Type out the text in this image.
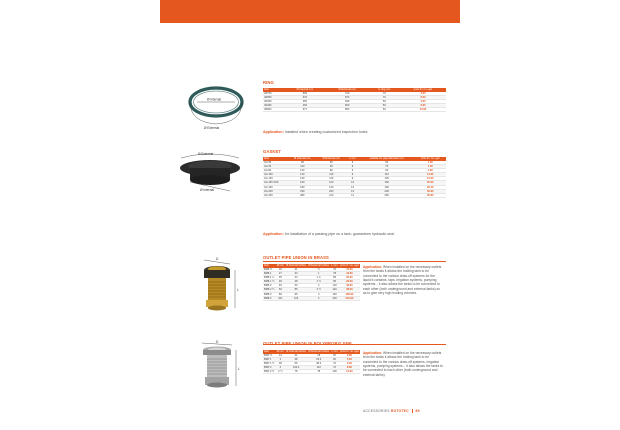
Ø Internal
Ø External
RING
Item	Ø Internal mm	Ø External mm	H ring mm	price € / no.+gst
JR750	500	720	70	4.65
JR950	670	870	70	6.60
JR450	350	490	50	4.35
JR460	460	600	50	6.95
JR800	677	860	50	10.90
Application: Installed when creating customized inspection holes.
Ø External
Ø Internal
GASKET
Item	Ø Internal mm	Ø External mm	L mm	suitable for pipe diameter mm	price € / no.+gst
GA 50	38	56	9	50	1.30
GA 63	110	60	9	75	1.30
GA 80	120	80	9	90	1.90
GA 100	143	110	9	110	14.90
GA 125	130	110	9	125	14.90
GA 150 3/16	160	120	13	160	25.90
GA 160	180	140	13	160	26.40
GA 200	230	200	13	200	32.90
GA 250	280	210	13	250	35.80
Application: for installation of a passing pipe on a tank; guarantees hydraulic seal.
D
L
OUTLET PIPE UNION IN BRASS
Item	Ø mm	Ø Internal inches	Ø External inches	L mm	price € / no.+gst
BRB ½	18	21	½	70	15.90
BRB 1	27	33	1	78	19.80
BRB 1 ¼	35	42	1 ¼	85	20.90
BRB 1 ½	39	48	1 ½	95	26.90
BRB 2	49	60	2	120	46.90
BRB 2 ½	69	85	2 ½	140	68.90
BRB 3	80	95	3	160	138.90
BRB 4	101	115	4	220	219.90
Application: When installed on the necessary outlets from the tanks it allows the holding tank to be connected to the various draw-off systems for the liquid it contains, taps, irrigation systems, pumping systems... it also allows the tanks to be connected to each other (both underground and external tanks) so as to give very high holding volumes.
D
L
OUTLET PIPE UNION IN POLYPROPYLENE
Item	Ø mm	Ø Internal inches	Ø External inches	L mm	price € / no.+gst
BRP ½	14	21	18	60	3.80
BRP 1	1	38	33.3	60	5.90
BRP 1 ½	38	55	48.3	70	5.90
BRP 2	2	100.4	110	74	8.80
BRP 2 ½	2 ½	78	78	100	15.90
Application: When installed on the necessary outlets from the tanks it allows the holding tank to be connected to the various draw-off systems, irrigation systems, pumping systems... it also allows the tanks to be connected to each other (both underground and external tanks).
ACCESSORIES ROTOTEC 89
